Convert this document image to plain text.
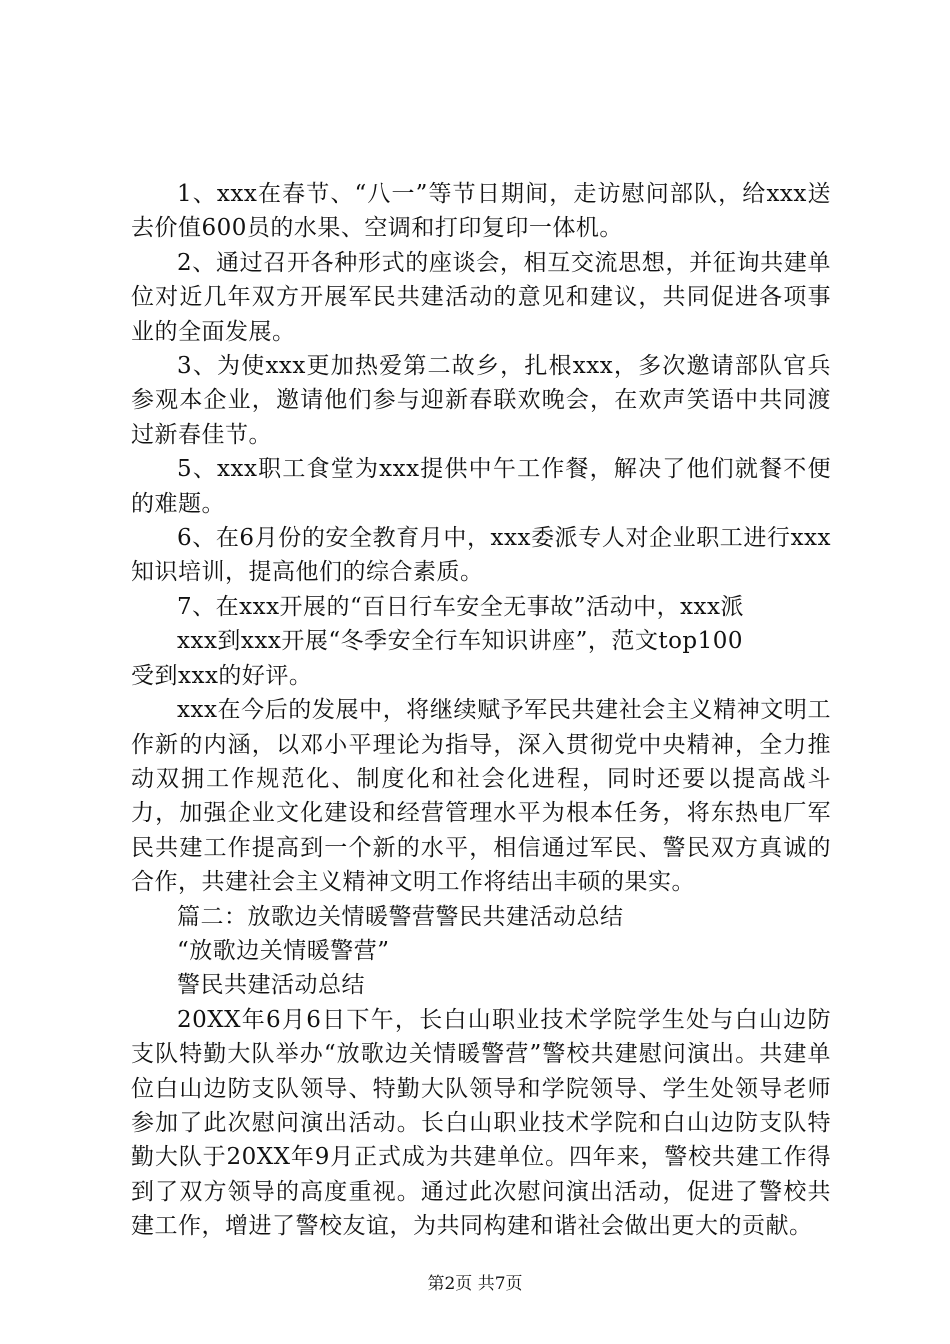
1、xxx在春节、“八一”等节日期间，走访慰问部队，给xxx送去价值600员的水果、空调和打印复印一体机。

2、通过召开各种形式的座谈会，相互交流思想，并征询共建单位对近几年双方开展军民共建活动的意见和建议，共同促进各项事业的全面发展。

3、为使xxx更加热爱第二故乡，扎根xxx，多次邀请部队官兵参观本企业，邀请他们参与迎新春联欢晚会，在欢声笑语中共同渡过新春佳节。

5、xxx职工食堂为xxx提供中午工作餐，解决了他们就餐不便的难题。

6、在6月份的安全教育月中，xxx委派专人对企业职工进行xxx知识培训，提高他们的综合素质。

7、在xxx开展的“百日行车安全无事故”活动中，xxx派

xxx到xxx开展“冬季安全行车知识讲座”，范文top100

受到xxx的好评。

xxx在今后的发展中，将继续赋予军民共建社会主义精神文明工作新的内涵，以邓小平理论为指导，深入贯彻党中央精神，全力推动双拥工作规范化、制度化和社会化进程，同时还要以提高战斗力，加强企业文化建设和经营管理水平为根本任务，将东热电厂军民共建工作提高到一个新的水平，相信通过军民、警民双方真诚的合作，共建社会主义精神文明工作将结出丰硕的果实。

篇二：放歌边关情暖警营警民共建活动总结

“放歌边关情暖警营”

警民共建活动总结

20XX年6月6日下午，长白山职业技术学院学生处与白山边防支队特勤大队举办“放歌边关情暖警营”警校共建慰问演出。共建单位白山边防支队领导、特勤大队领导和学院领导、学生处领导老师参加了此次慰问演出活动。长白山职业技术学院和白山边防支队特勤大队于20XX年9月正式成为共建单位。四年来，警校共建工作得到了双方领导的高度重视。通过此次慰问演出活动，促进了警校共建工作，增进了警校友谊，为共同构建和谐社会做出更大的贡献。

第2页 共7页
